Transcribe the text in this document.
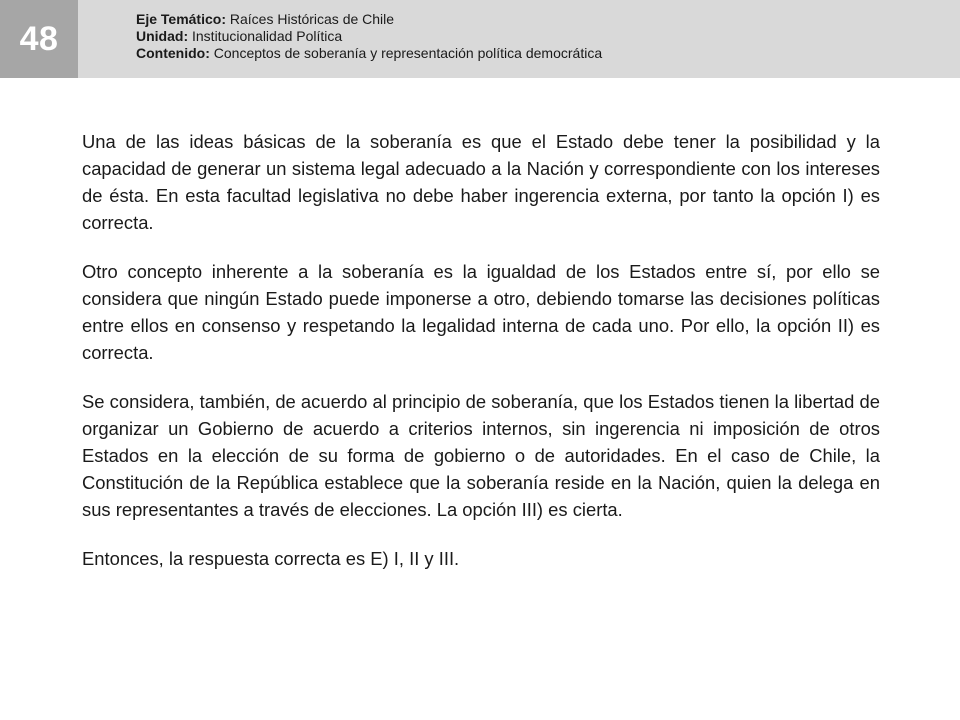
48
Eje Temático: Raíces Históricas de Chile
Unidad: Institucionalidad Política
Contenido: Conceptos de soberanía y representación política democrática

Una de las ideas básicas de la soberanía es que el Estado debe tener la posibilidad y la capacidad de generar un sistema legal adecuado a la Nación y correspondiente con los intereses de ésta. En esta facultad legislativa no debe haber ingerencia externa, por tanto la opción I) es correcta.

Otro concepto inherente a la soberanía es la igualdad de los Estados entre sí, por ello se considera que ningún Estado puede imponerse a otro, debiendo tomarse las decisiones políticas entre ellos en consenso y respetando la legalidad interna de cada uno. Por ello, la opción II) es correcta.

Se considera, también, de acuerdo al principio de soberanía, que los Estados tienen la libertad de organizar un Gobierno de acuerdo a criterios internos, sin ingerencia ni imposición de otros Estados en la elección de su forma de gobierno o de autoridades. En el caso de Chile, la Constitución de la República establece que la soberanía reside en la Nación, quien la delega en sus representantes a través de elecciones. La opción III) es cierta.

Entonces, la respuesta correcta es E) I, II y III.
